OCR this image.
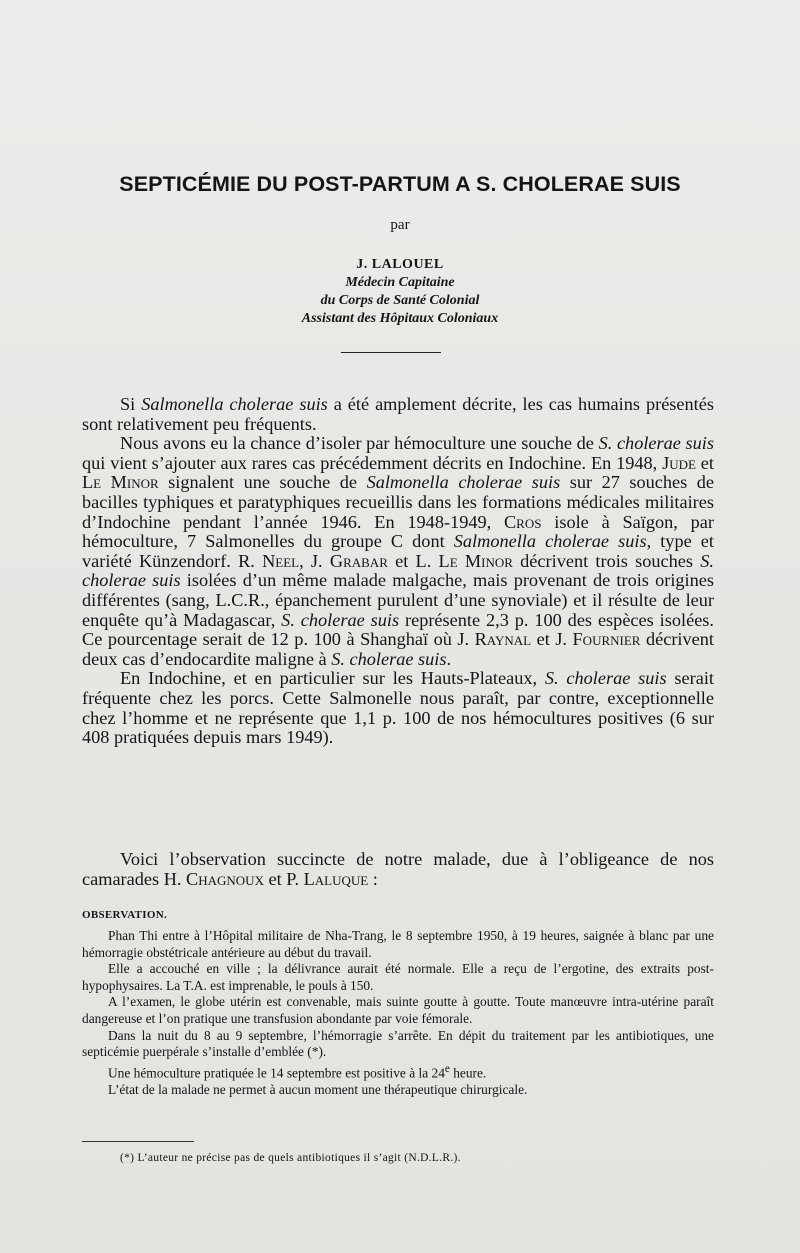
SEPTICÉMIE DU POST-PARTUM A S. CHOLERAE SUIS

par

J. LALOUEL
Médecin Capitaine
du Corps de Santé Colonial
Assistant des Hôpitaux Coloniaux

Si Salmonella cholerae suis a été amplement décrite, les cas humains présentés sont relativement peu fréquents.

Nous avons eu la chance d’isoler par hémoculture une souche de S. cholerae suis qui vient s’ajouter aux rares cas précédemment décrits en Indochine. En 1948, Jude et Le Minor signalent une souche de Salmonella cholerae suis sur 27 souches de bacilles typhiques et paratyphiques recueillis dans les formations médicales militaires d’Indochine pendant l’année 1946. En 1948-1949, Cros isole à Saïgon, par hémoculture, 7 Salmonelles du groupe C dont Salmonella cholerae suis, type et variété Künzendorf. R. Neel, J. Grabar et L. Le Minor décrivent trois souches S. cholerae suis isolées d’un même malade malgache, mais provenant de trois origines différentes (sang, L.C.R., épanchement purulent d’une synoviale) et il résulte de leur enquête qu’à Madagascar, S. cholerae suis représente 2,3 p. 100 des espèces isolées. Ce pourcentage serait de 12 p. 100 à Shanghaï où J. Raynal et J. Fournier décrivent deux cas d’endocardite maligne à S. cholerae suis.

En Indochine, et en particulier sur les Hauts-Plateaux, S. cholerae suis serait fréquente chez les porcs. Cette Salmonelle nous paraît, par contre, exceptionnelle chez l’homme et ne représente que 1,1 p. 100 de nos hémocultures positives (6 sur 408 pratiquées depuis mars 1949).

Voici l’observation succincte de notre malade, due à l’obligeance de nos camarades H. Chagnoux et P. Laluque :

OBSERVATION.

Phan Thi entre à l’Hôpital militaire de Nha-Trang, le 8 septembre 1950, à 19 heures, saignée à blanc par une hémorragie obstétricale antérieure au début du travail.

Elle a accouché en ville ; la délivrance aurait été normale. Elle a reçu de l’ergotine, des extraits post-hypophysaires. La T.A. est imprenable, le pouls à 150.

A l’examen, le globe utérin est convenable, mais suinte goutte à goutte. Toute manœuvre intra-utérine paraît dangereuse et l’on pratique une transfusion abondante par voie fémorale.

Dans la nuit du 8 au 9 septembre, l’hémorragie s’arrête. En dépit du traitement par les antibiotiques, une septicémie puerpérale s’installe d’emblée (*).

Une hémoculture pratiquée le 14 septembre est positive à la 24e heure.

L’état de la malade ne permet à aucun moment une thérapeutique chirurgicale.

(*) L’auteur ne précise pas de quels antibiotiques il s’agit (N.D.L.R.).
